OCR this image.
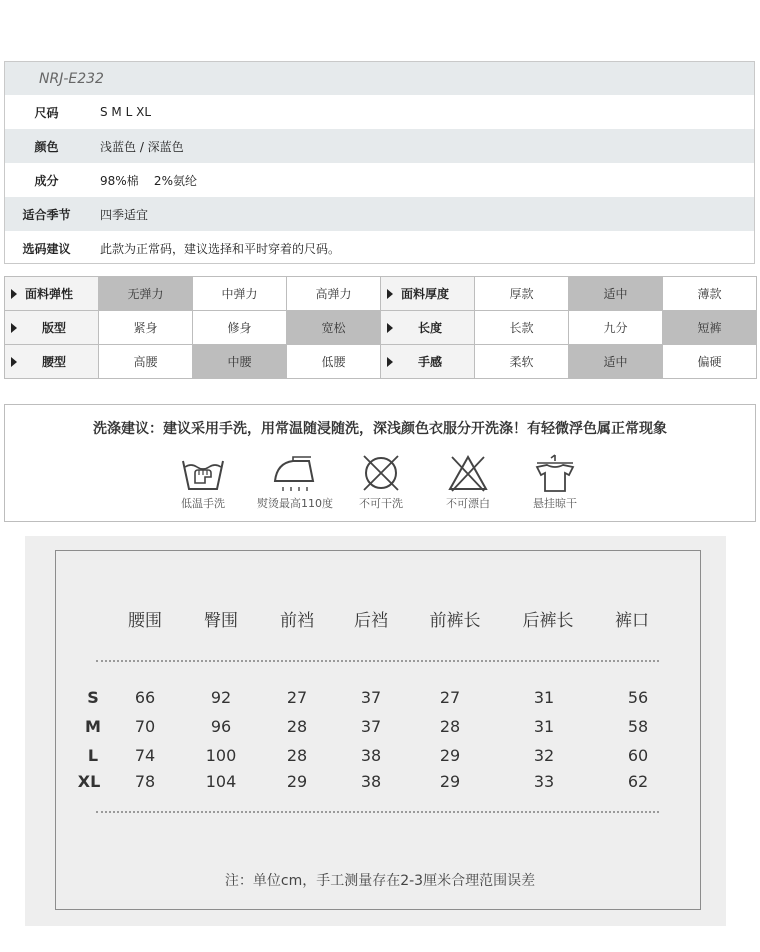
NRJ-E232
尺码	S M L XL
颜色	浅蓝色 / 深蓝色
成分	98%棉    2%氨纶
适合季节	四季适宜
选码建议	此款为正常码，建议选择和平时穿着的尺码。
面料弹性	无弹力	中弹力	高弹力	面料厚度	厚款	适中	薄款
版型	紧身	修身	宽松	长度	长款	九分	短裤
腰型	高腰	中腰	低腰	手感	柔软	适中	偏硬
洗涤建议：建议采用手洗，用常温随浸随洗，深浅颜色衣服分开洗涤！有轻微浮色属正常现象
低温手洗	熨烫最高110度	不可干洗	不可漂白	悬挂晾干
腰围 臀围 前裆 后裆 前裤长 后裤长 裤口
S 66	92	27	37	27	31	56
M 70	96	28	37	28	31	58
L 74	100	28	38	29	32	60
XL 78	104	29	38	29	33	62
注：单位cm，手工测量存在2-3厘米合理范围误差
